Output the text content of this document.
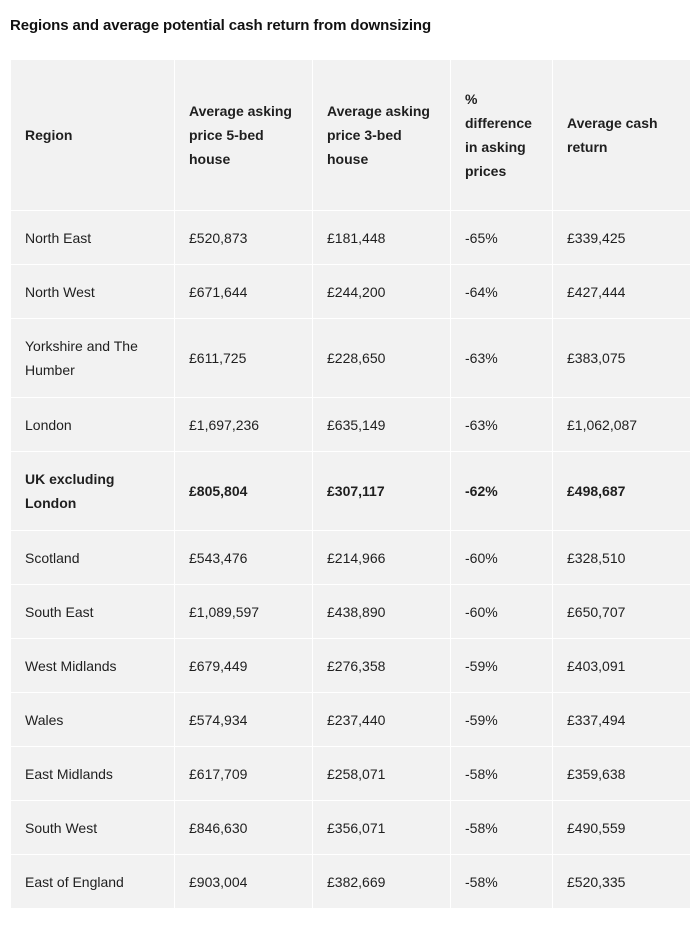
Regions and average potential cash return from downsizing
Region	Average asking price 5-bed house	Average asking price 3-bed house	% difference in asking prices	Average cash return
North East	£520,873	£181,448	-65%	£339,425
North West	£671,644	£244,200	-64%	£427,444
Yorkshire and The Humber	£611,725	£228,650	-63%	£383,075
London	£1,697,236	£635,149	-63%	£1,062,087
UK excluding London	£805,804	£307,117	-62%	£498,687
Scotland	£543,476	£214,966	-60%	£328,510
South East	£1,089,597	£438,890	-60%	£650,707
West Midlands	£679,449	£276,358	-59%	£403,091
Wales	£574,934	£237,440	-59%	£337,494
East Midlands	£617,709	£258,071	-58%	£359,638
South West	£846,630	£356,071	-58%	£490,559
East of England	£903,004	£382,669	-58%	£520,335
